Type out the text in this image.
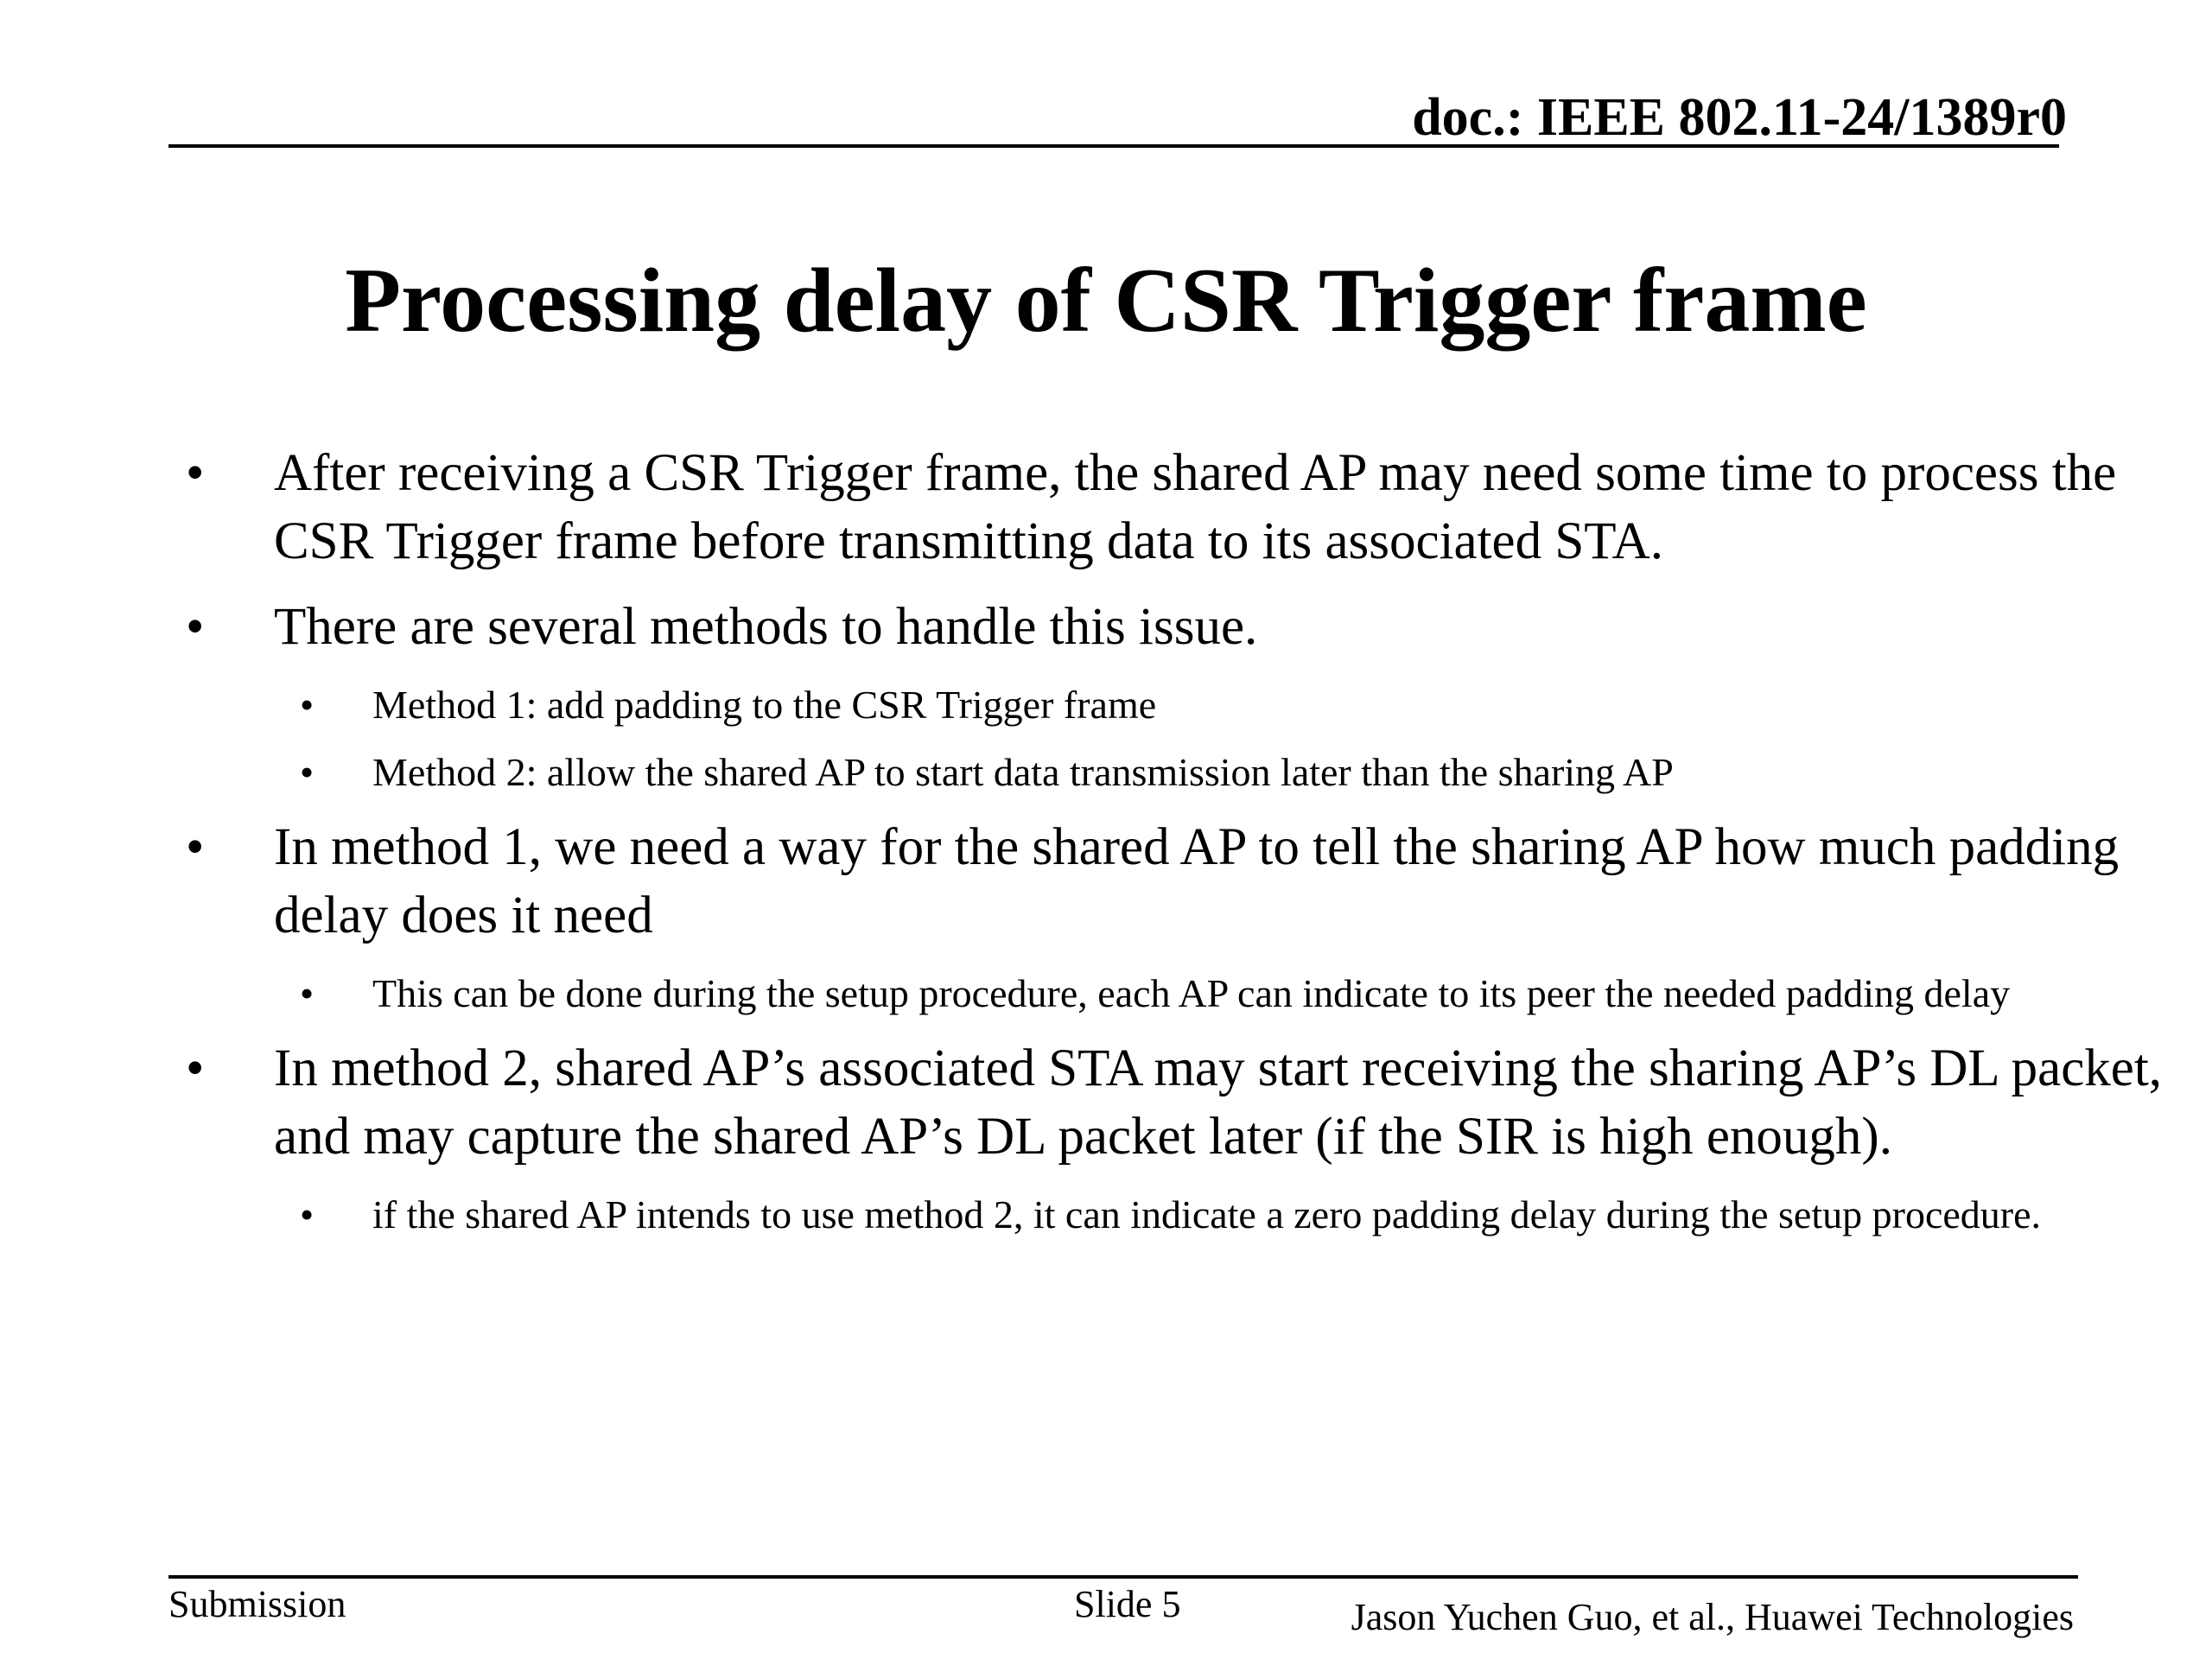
doc.: IEEE 802.11-24/1389r0
Processing delay of CSR Trigger frame
• After receiving a CSR Trigger frame, the shared AP may need some time to process the CSR Trigger frame before transmitting data to its associated STA.
• There are several methods to handle this issue.
• Method 1: add padding to the CSR Trigger frame
• Method 2: allow the shared AP to start data transmission later than the sharing AP
• In method 1, we need a way for the shared AP to tell the sharing AP how much padding delay does it need
• This can be done during the setup procedure, each AP can indicate to its peer the needed padding delay
• In method 2, shared AP’s associated STA may start receiving the sharing AP’s DL packet, and may capture the shared AP’s DL packet later (if the SIR is high enough).
• if the shared AP intends to use method 2, it can indicate a zero padding delay during the setup procedure.
Submission	Slide 5	Jason Yuchen Guo, et al., Huawei Technologies
